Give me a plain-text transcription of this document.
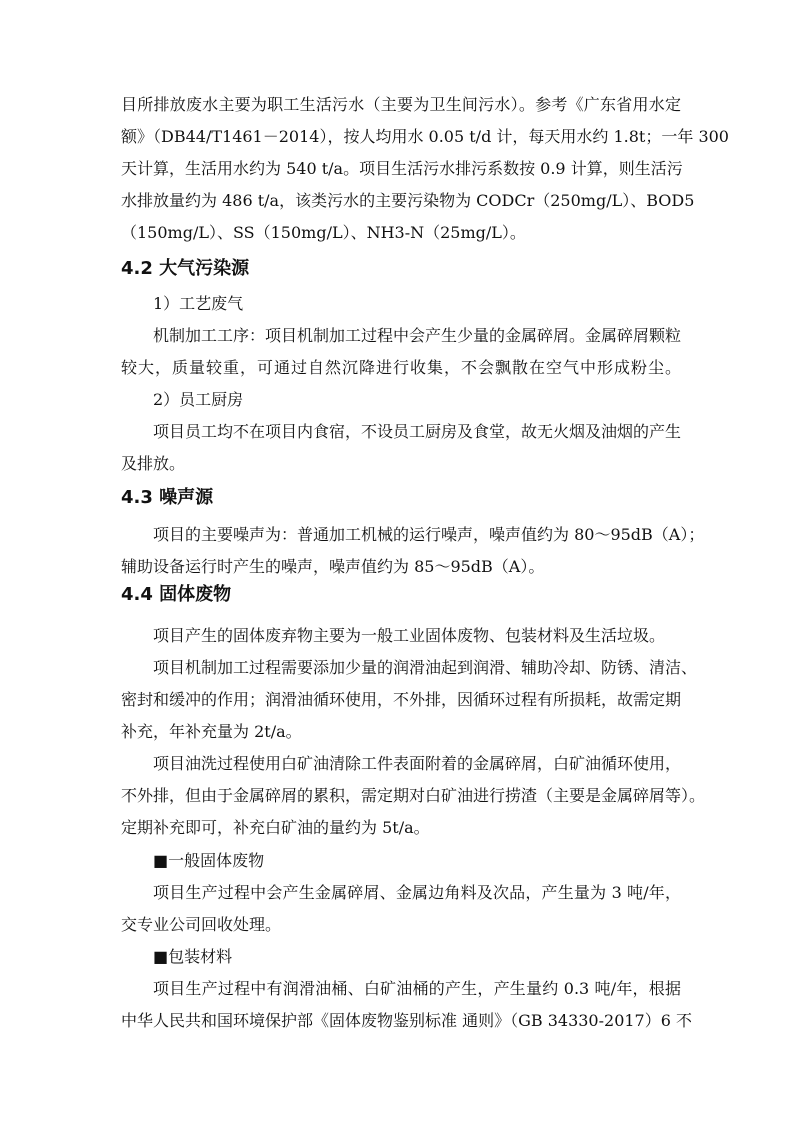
目所排放废水主要为职工生活污水（主要为卫生间污水）。参考《广东省用水定
额》（DB44/T1461－2014），按人均用水 0.05 t/d 计，每天用水约 1.8t；一年 300
天计算，生活用水约为 540 t/a。项目生活污水排污系数按 0.9 计算，则生活污
水排放量约为 486 t/a，该类污水的主要污染物为 CODCr（250mg/L）、BOD5
（150mg/L）、SS（150mg/L）、NH3-N（25mg/L）。
4.2 大气污染源
1）工艺废气
机制加工工序：项目机制加工过程中会产生少量的金属碎屑。金属碎屑颗粒
较大，质量较重，可通过自然沉降进行收集，不会飘散在空气中形成粉尘。
2）员工厨房
项目员工均不在项目内食宿，不设员工厨房及食堂，故无火烟及油烟的产生
及排放。
4.3 噪声源
项目的主要噪声为：普通加工机械的运行噪声，噪声值约为 80～95dB（A）；
辅助设备运行时产生的噪声，噪声值约为 85～95dB（A）。
4.4 固体废物
项目产生的固体废弃物主要为一般工业固体废物、包装材料及生活垃圾。
项目机制加工过程需要添加少量的润滑油起到润滑、辅助冷却、防锈、清洁、
密封和缓冲的作用；润滑油循环使用，不外排，因循环过程有所损耗，故需定期
补充，年补充量为 2t/a。
项目油洗过程使用白矿油清除工件表面附着的金属碎屑，白矿油循环使用，
不外排，但由于金属碎屑的累积，需定期对白矿油进行捞渣（主要是金属碎屑等）。
定期补充即可，补充白矿油的量约为 5t/a。
■一般固体废物
项目生产过程中会产生金属碎屑、金属边角料及次品，产生量为 3 吨/年，
交专业公司回收处理。
■包装材料
项目生产过程中有润滑油桶、白矿油桶的产生，产生量约 0.3 吨/年，根据
中华人民共和国环境保护部《固体废物鉴别标准 通则》（GB 34330-2017）6 不
